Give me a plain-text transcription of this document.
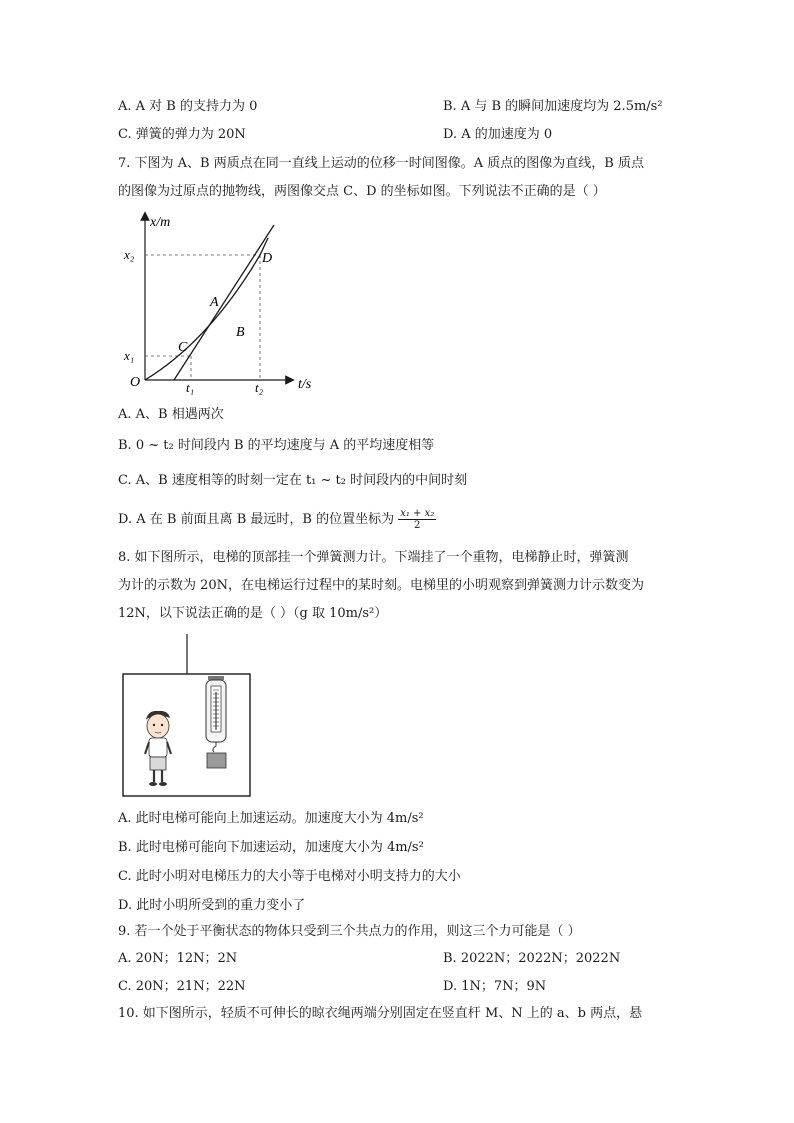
A. A 对 B 的支持力为 0	B. A 与 B 的瞬间加速度均为 2.5m/s²
C. 弹簧的弹力为 20N	D. A 的加速度为 0
7. 下图为 A、B 两质点在同一直线上运动的位移一时间图像。A 质点的图像为直线，B 质点
的图像为过原点的抛物线，两图像交点 C、D 的坐标如图。下列说法不正确的是（ ）
x/m
t/s
O
x₂
x₁
t₁	t₂
A
B
C
D
A. A、B 相遇两次
B. 0 ~ t₂ 时间段内 B 的平均速度与 A 的平均速度相等
C. A、B 速度相等的时刻一定在 t₁ ~ t₂ 时间段内的中间时刻
D. A 在 B 前面且离 B 最远时，B 的位置坐标为 $\frac{\text{x₁ + x₂}}{2}$
8. 如下图所示，电梯的顶部挂一个弹簧测力计。下端挂了一个重物，电梯静止时，弹簧测
为计的示数为 20N，在电梯运行过程中的某时刻。电梯里的小明观察到弹簧测力计示数变为
12N，以下说法正确的是（ ）（g 取 10m/s²）
A. 此时电梯可能向上加速运动。加速度大小为 4m/s²
B. 此时电梯可能向下加速运动，加速度大小为 4m/s²
C. 此时小明对电梯压力的大小等于电梯对小明支持力的大小
D. 此时小明所受到的重力变小了
9. 若一个处于平衡状态的物体只受到三个共点力的作用，则这三个力可能是（ ）
A. 20N；12N；2N	B. 2022N；2022N；2022N
C. 20N；21N；22N	D. 1N；7N；9N
10. 如下图所示，轻质不可伸长的晾衣绳两端分别固定在竖直杆 M、N 上的 a、b 两点，悬
